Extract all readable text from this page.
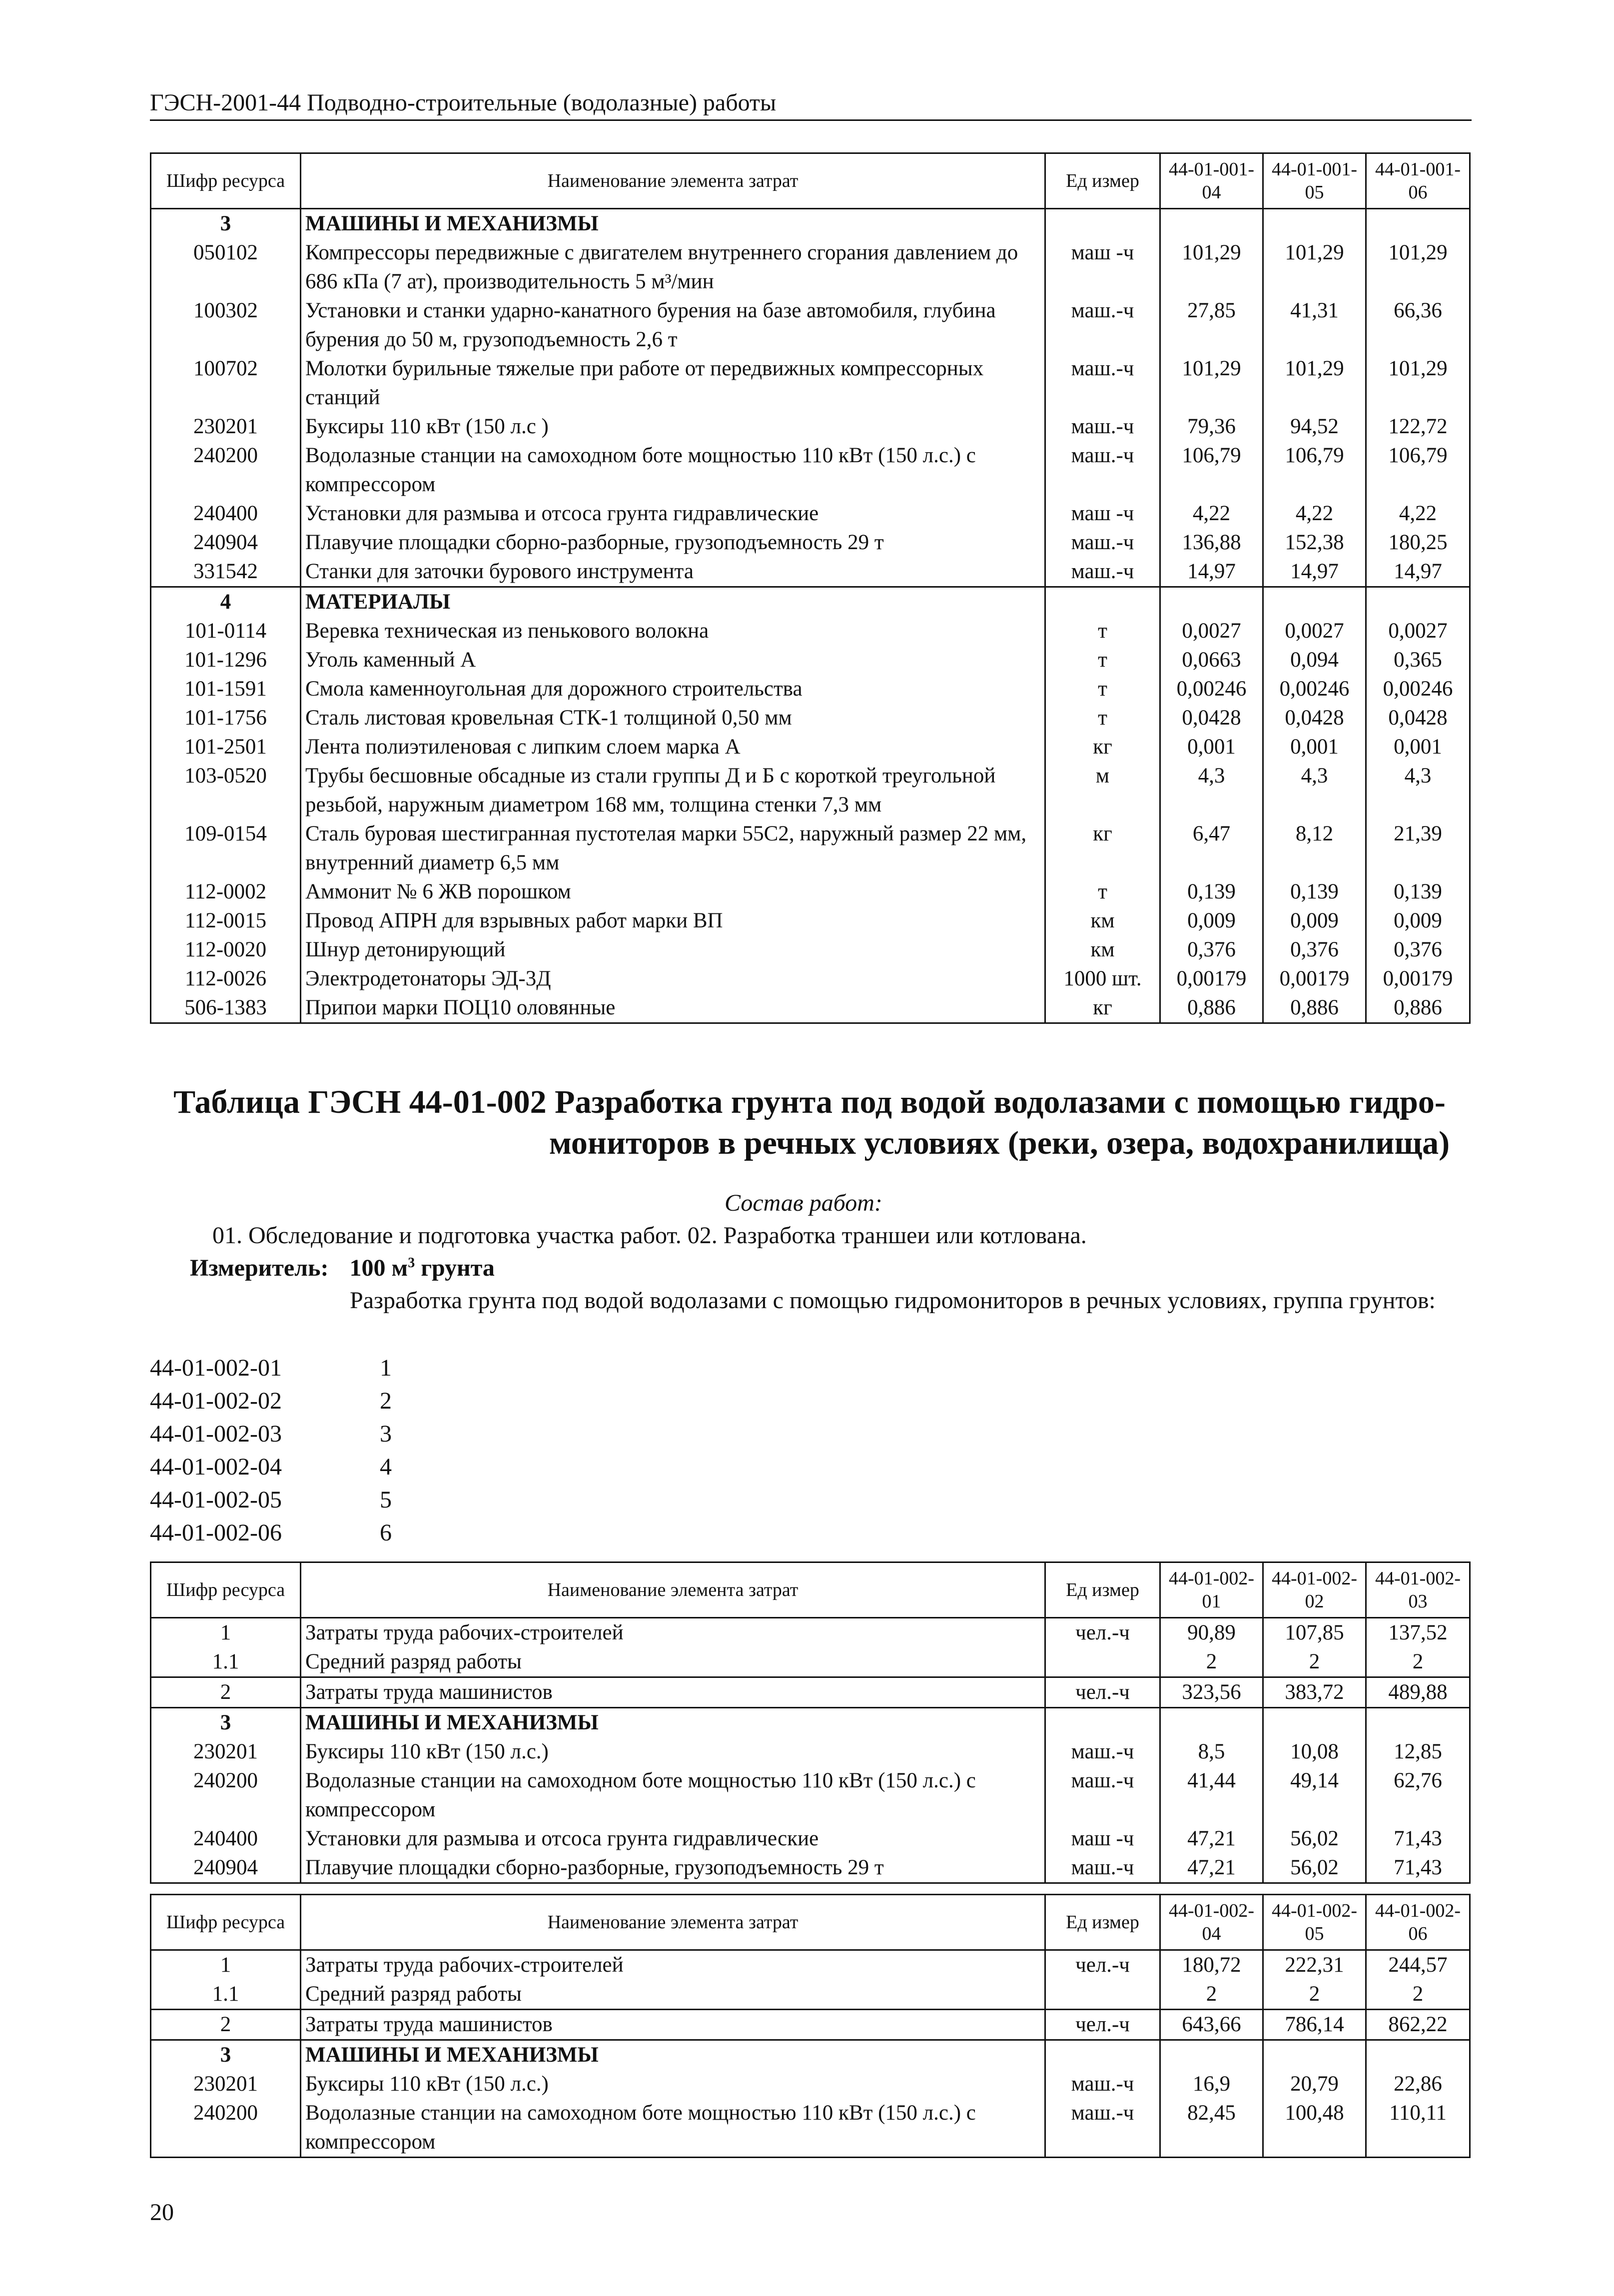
ГЭСН-2001-44 Подводно-строительные (водолазные) работы
Шифр ресурса	Наименование элемента затрат	Ед измер	44-01-001-04	44-01-001-05	44-01-001-06
3	МАШИНЫ И МЕХАНИЗМЫ				
050102	Компрессоры передвижные с двигателем внутреннего сгорания давлением до 686 кПа (7 ат), производительность 5 м³/мин	маш -ч	101,29	101,29	101,29
100302	Установки и станки ударно-канатного бурения на базе автомобиля, глубина бурения до 50 м, грузоподъемность 2,6 т	маш.-ч	27,85	41,31	66,36
100702	Молотки бурильные тяжелые при работе от передвижных компрессорных станций	маш.-ч	101,29	101,29	101,29
230201	Буксиры 110 кВт (150 л.с )	маш.-ч	79,36	94,52	122,72
240200	Водолазные станции на самоходном боте мощностью 110 кВт (150 л.с.) с компрессором	маш.-ч	106,79	106,79	106,79
240400	Установки для размыва и отсоса грунта гидравлические	маш -ч	4,22	4,22	4,22
240904	Плавучие площадки сборно-разборные, грузоподъемность 29 т	маш.-ч	136,88	152,38	180,25
331542	Станки для заточки бурового инструмента	маш.-ч	14,97	14,97	14,97
4	МАТЕРИАЛЫ				
101-0114	Веревка техническая из пенькового волокна	т	0,0027	0,0027	0,0027
101-1296	Уголь каменный А	т	0,0663	0,094	0,365
101-1591	Смола каменноугольная для дорожного строительства	т	0,00246	0,00246	0,00246
101-1756	Сталь листовая кровельная СТК-1 толщиной 0,50 мм	т	0,0428	0,0428	0,0428
101-2501	Лента полиэтиленовая с липким слоем марка А	кг	0,001	0,001	0,001
103-0520	Трубы бесшовные обсадные из стали группы Д и Б с короткой треугольной резьбой, наружным диаметром 168 мм, толщина стенки 7,3 мм	м	4,3	4,3	4,3
109-0154	Сталь буровая шестигранная пустотелая марки 55С2, наружный размер 22 мм, внутренний диаметр 6,5 мм	кг	6,47	8,12	21,39
112-0002	Аммонит № 6 ЖВ порошком	т	0,139	0,139	0,139
112-0015	Провод АПРН для взрывных работ марки ВП	км	0,009	0,009	0,009
112-0020	Шнур детонирующий	км	0,376	0,376	0,376
112-0026	Электродетонаторы ЭД-3Д	1000 шт.	0,00179	0,00179	0,00179
506-1383	Припои марки ПОЦ10 оловянные	кг	0,886	0,886	0,886
Таблица ГЭСН 44-01-002 Разработка грунта под водой водолазами с помощью гидро-
мониторов в речных условиях (реки, озера, водохранилища)
Состав работ:
01. Обследование и подготовка участка работ. 02. Разработка траншеи или котлована.
Измеритель: 100 $м^3$ грунта
Разработка грунта под водой водолазами с помощью гидромониторов в речных условиях, группа грунтов:
44-01-002-01	1
44-01-002-02	2
44-01-002-03	3
44-01-002-04	4
44-01-002-05	5
44-01-002-06	6
Шифр ресурса	Наименование элемента затрат	Ед измер	44-01-002-01	44-01-002-02	44-01-002-03
1	Затраты труда рабочих-строителей	чел.-ч	90,89	107,85	137,52
1.1	Средний разряд работы		2	2	2
2	Затраты труда машинистов	чел.-ч	323,56	383,72	489,88
3	МАШИНЫ И МЕХАНИЗМЫ				
230201	Буксиры 110 кВт (150 л.с.)	маш.-ч	8,5	10,08	12,85
240200	Водолазные станции на самоходном боте мощностью 110 кВт (150 л.с.) с компрессором	маш.-ч	41,44	49,14	62,76
240400	Установки для размыва и отсоса грунта гидравлические	маш -ч	47,21	56,02	71,43
240904	Плавучие площадки сборно-разборные, грузоподъемность 29 т	маш.-ч	47,21	56,02	71,43
Шифр ресурса	Наименование элемента затрат	Ед измер	44-01-002-04	44-01-002-05	44-01-002-06
1	Затраты труда рабочих-строителей	чел.-ч	180,72	222,31	244,57
1.1	Средний разряд работы		2	2	2
2	Затраты труда машинистов	чел.-ч	643,66	786,14	862,22
3	МАШИНЫ И МЕХАНИЗМЫ				
230201	Буксиры 110 кВт (150 л.с.)	маш.-ч	16,9	20,79	22,86
240200	Водолазные станции на самоходном боте мощностью 110 кВт (150 л.с.) с компрессором	маш.-ч	82,45	100,48	110,11
20
